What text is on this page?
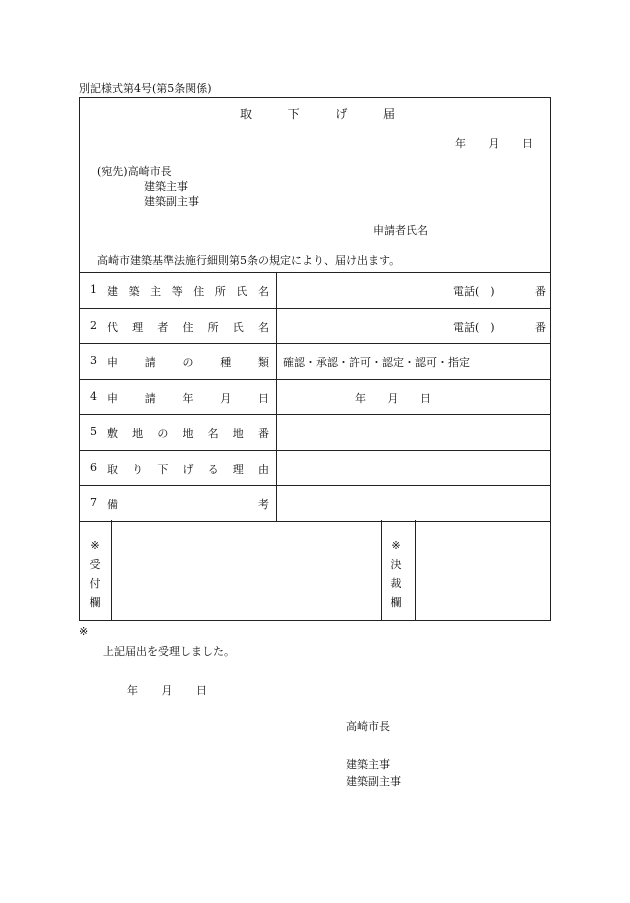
別記様式第4号(第5条関係)
取	下	げ	届
年 月 日
(宛先)高崎市長
建築主事
建築副主事
申請者氏名
高崎市建築基準法施行細則第5条の規定により、届け出ます。
1 建 築 主 等 住 所 氏 名	電話(　)	番
2 代 理 者 住 所 氏 名	電話(　)	番
3 申 請 の 種 類 確認・承認・許可・認定・認可・指定
4 申 請 年 月 日	年 月 日
5 敷 地 の 地 名 地 番
6 取 り 下 げ る 理 由
7 備	考
※
受
付
欄
※
決
裁
欄
※
上記届出を受理しました。
年 月 日
高崎市長
建築主事
建築副主事
